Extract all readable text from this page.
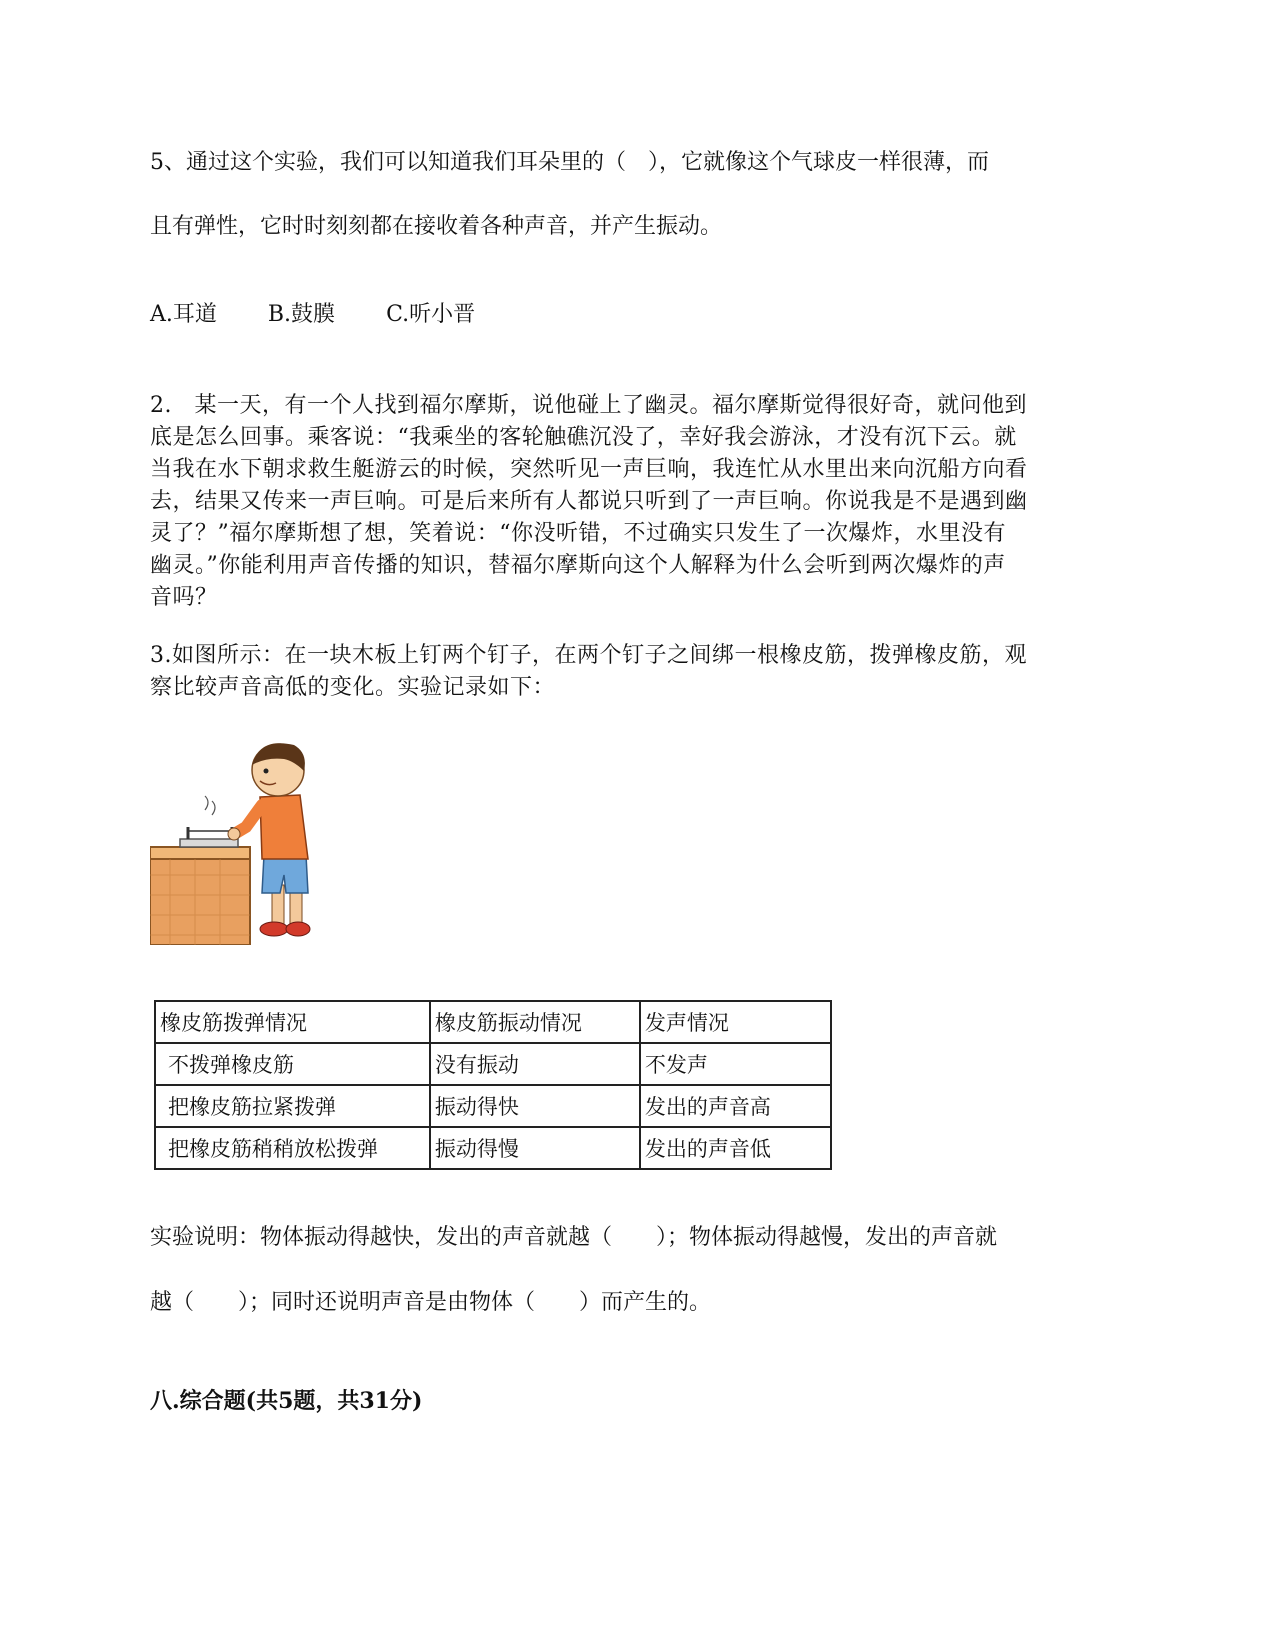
5、通过这个实验，我们可以知道我们耳朵里的（　），它就像这个气球皮一样很薄，而
且有弹性，它时时刻刻都在接收着各种声音，并产生振动。
A.耳道 B.鼓膜 C.听小晋
2.　某一天，有一个人找到福尔摩斯，说他碰上了幽灵。福尔摩斯觉得很好奇，就问他到
底是怎么回事。乘客说：“我乘坐的客轮触礁沉没了，幸好我会游泳，才没有沉下云。就
当我在水下朝求救生艇游云的时候，突然听见一声巨响，我连忙从水里出来向沉船方向看
去，结果又传来一声巨响。可是后来所有人都说只听到了一声巨响。你说我是不是遇到幽
灵了？”福尔摩斯想了想，笑着说：“你没听错，不过确实只发生了一次爆炸，水里没有
幽灵。”你能利用声音传播的知识，替福尔摩斯向这个人解释为什么会听到两次爆炸的声
音吗？
3.如图所示：在一块木板上钉两个钉子，在两个钉子之间绑一根橡皮筋，拨弹橡皮筋，观
察比较声音高低的变化。实验记录如下：
橡皮筋拨弹情况	橡皮筋振动情况	发声情况
不拨弹橡皮筋	没有振动	不发声
把橡皮筋拉紧拨弹	振动得快	发出的声音高
把橡皮筋稍稍放松拨弹	振动得慢	发出的声音低
实验说明：物体振动得越快，发出的声音就越（　　）；物体振动得越慢，发出的声音就
越（　　）；同时还说明声音是由物体（　　）而产生的。
八.综合题(共5题，共31分)
